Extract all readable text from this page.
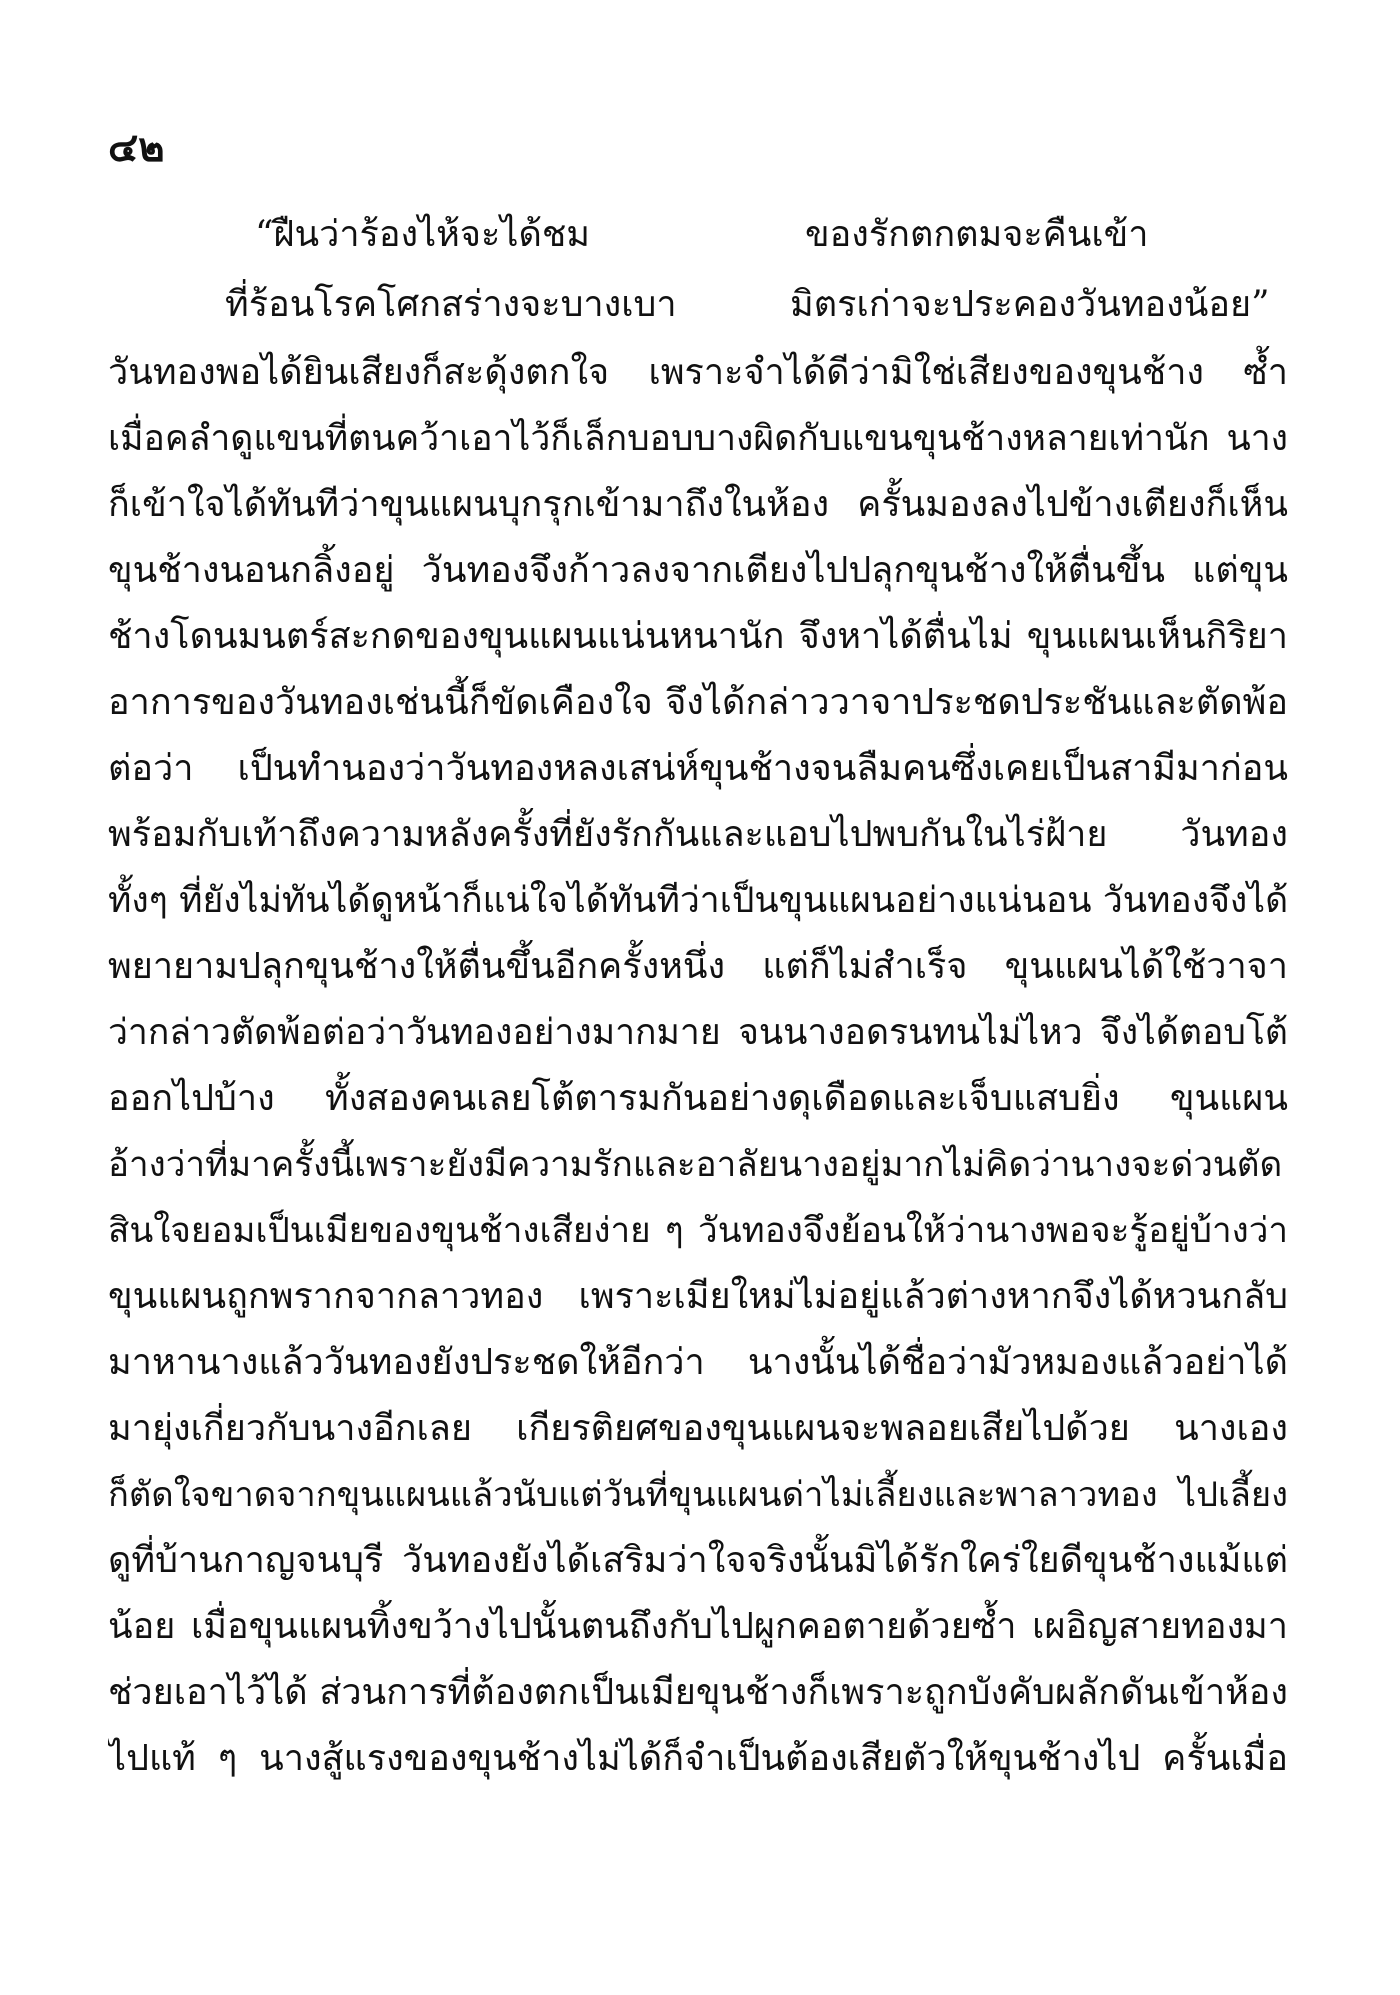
๔๒
“ฝืนว่าร้องไห้จะได้ชม	ของรักตกตมจะคืนเข้า
ที่ร้อนโรคโศกสร่างจะบางเบา	มิตรเก่าจะประคองวันทองน้อย”
วันทองพอได้ยินเสียงก็สะดุ้งตกใจ เพราะจำได้ดีว่ามิใช่เสียงของขุนช้าง ซ้ำ
เมื่อคลำดูแขนที่ตนคว้าเอาไว้ก็เล็กบอบบางผิดกับแขนขุนช้างหลายเท่านัก นาง
ก็เข้าใจได้ทันทีว่าขุนแผนบุกรุกเข้ามาถึงในห้อง ครั้นมองลงไปข้างเตียงก็เห็น
ขุนช้างนอนกลิ้งอยู่ วันทองจึงก้าวลงจากเตียงไปปลุกขุนช้างให้ตื่นขึ้น แต่ขุน
ช้างโดนมนตร์สะกดของขุนแผนแน่นหนานัก จึงหาได้ตื่นไม่ ขุนแผนเห็นกิริยา
อาการของวันทองเช่นนี้ก็ขัดเคืองใจ จึงได้กล่าววาจาประชดประชันและตัดพ้อ
ต่อว่า เป็นทำนองว่าวันทองหลงเสน่ห์ขุนช้างจนลืมคนซึ่งเคยเป็นสามีมาก่อน
พร้อมกับเท้าถึงความหลังครั้งที่ยังรักกันและแอบไปพบกันในไร่ฝ้าย วันทอง
ทั้งๆ ที่ยังไม่ทันได้ดูหน้าก็แน่ใจได้ทันทีว่าเป็นขุนแผนอย่างแน่นอน วันทองจึงได้
พยายามปลุกขุนช้างให้ตื่นขึ้นอีกครั้งหนึ่ง แต่ก็ไม่สำเร็จ ขุนแผนได้ใช้วาจา
ว่ากล่าวตัดพ้อต่อว่าวันทองอย่างมากมาย จนนางอดรนทนไม่ไหว จึงได้ตอบโต้
ออกไปบ้าง ทั้งสองคนเลยโต้ตารมกันอย่างดุเดือดและเจ็บแสบยิ่ง ขุนแผน
อ้างว่าที่มาครั้งนี้เพราะยังมีความรักและอาลัยนางอยู่มากไม่คิดว่านางจะด่วนตัด
สินใจยอมเป็นเมียของขุนช้างเสียง่าย ๆ วันทองจึงย้อนให้ว่านางพอจะรู้อยู่บ้างว่า
ขุนแผนถูกพรากจากลาวทอง เพราะเมียใหม่ไม่อยู่แล้วต่างหากจึงได้หวนกลับ
มาหานางแล้ววันทองยังประชดให้อีกว่า นางนั้นได้ชื่อว่ามัวหมองแล้วอย่าได้
มายุ่งเกี่ยวกับนางอีกเลย เกียรติยศของขุนแผนจะพลอยเสียไปด้วย นางเอง
ก็ตัดใจขาดจากขุนแผนแล้วนับแต่วันที่ขุนแผนด่าไม่เลี้ยงและพาลาวทอง ไปเลี้ยง
ดูที่บ้านกาญจนบุรี วันทองยังได้เสริมว่าใจจริงนั้นมิได้รักใคร่ใยดีขุนช้างแม้แต่
น้อย เมื่อขุนแผนทิ้งขว้างไปนั้นตนถึงกับไปผูกคอตายด้วยซ้ำ เผอิญสายทองมา
ช่วยเอาไว้ได้ ส่วนการที่ต้องตกเป็นเมียขุนช้างก็เพราะถูกบังคับผลักดันเข้าห้อง
ไปแท้ ๆ นางสู้แรงของขุนช้างไม่ได้ก็จำเป็นต้องเสียตัวให้ขุนช้างไป ครั้นเมื่อ
